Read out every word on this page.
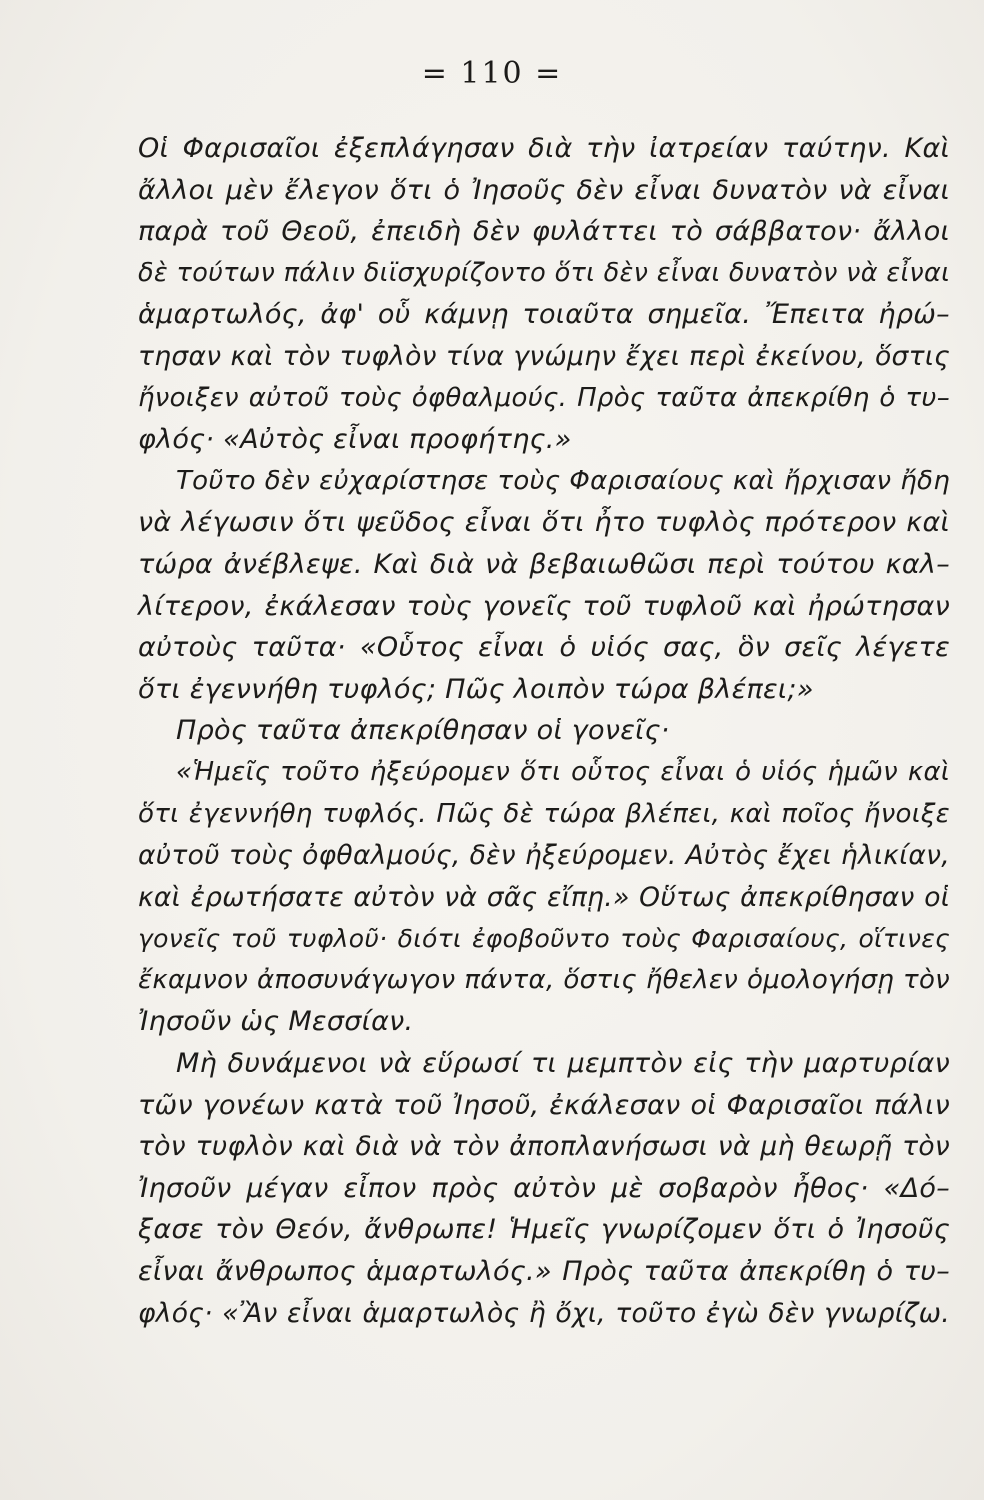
= 110 =
Οἱ Φαρισαῖοι ἐξεπλάγησαν διὰ τὴν ἰατρείαν ταύτην. Καὶ
ἄλλοι μὲν ἔλεγον ὅτι ὁ Ἰησοῦς δὲν εἶναι δυνατὸν νὰ εἶναι
παρὰ τοῦ Θεοῦ, ἐπειδὴ δὲν φυλάττει τὸ σάββατον· ἄλλοι
δὲ τούτων πάλιν διϊσχυρίζοντο ὅτι δὲν εἶναι δυνατὸν νὰ εἶναι
ἁμαρτωλός, ἀφ' οὗ κάμνῃ τοιαῦτα σημεῖα. Ἔπειτα ἠρώ–
τησαν καὶ τὸν τυφλὸν τίνα γνώμην ἔχει περὶ ἐκείνου, ὅστις
ἤνοιξεν αὐτοῦ τοὺς ὀφθαλμούς. Πρὸς ταῦτα ἀπεκρίθη ὁ τυ–
φλός· «Αὐτὸς εἶναι προφήτης.»
Τοῦτο δὲν εὐχαρίστησε τοὺς Φαρισαίους καὶ ἤρχισαν ἤδη
νὰ λέγωσιν ὅτι ψεῦδος εἶναι ὅτι ἦτο τυφλὸς πρότερον καὶ
τώρα ἀνέβλεψε. Καὶ διὰ νὰ βεβαιωθῶσι περὶ τούτου καλ–
λίτερον, ἐκάλεσαν τοὺς γονεῖς τοῦ τυφλοῦ καὶ ἠρώτησαν
αὐτοὺς ταῦτα· «Οὗτος εἶναι ὁ υἱός σας, ὃν σεῖς λέγετε
ὅτι ἐγεννήθη τυφλός; Πῶς λοιπὸν τώρα βλέπει;»
Πρὸς ταῦτα ἀπεκρίθησαν οἱ γονεῖς·
«Ἡμεῖς τοῦτο ἠξεύρομεν ὅτι οὗτος εἶναι ὁ υἱός ἡμῶν καὶ
ὅτι ἐγεννήθη τυφλός. Πῶς δὲ τώρα βλέπει, καὶ ποῖος ἤνοιξε
αὐτοῦ τοὺς ὀφθαλμούς, δὲν ἠξεύρομεν. Αὐτὸς ἔχει ἡλικίαν,
καὶ ἐρωτήσατε αὐτὸν νὰ σᾶς εἴπῃ.» Οὕτως ἀπεκρίθησαν οἱ
γονεῖς τοῦ τυφλοῦ· διότι ἐφοβοῦντο τοὺς Φαρισαίους, οἵτινες
ἔκαμνον ἀποσυνάγωγον πάντα, ὅστις ἤθελεν ὁμολογήσῃ τὸν
Ἰησοῦν ὡς Μεσσίαν.
Μὴ δυνάμενοι νὰ εὕρωσί τι μεμπτὸν εἰς τὴν μαρτυρίαν
τῶν γονέων κατὰ τοῦ Ἰησοῦ, ἐκάλεσαν οἱ Φαρισαῖοι πάλιν
τὸν τυφλὸν καὶ διὰ νὰ τὸν ἀποπλανήσωσι νὰ μὴ θεωρῇ τὸν
Ἰησοῦν μέγαν εἶπον πρὸς αὐτὸν μὲ σοβαρὸν ἦθος· «Δό–
ξασε τὸν Θεόν, ἄνθρωπε! Ἡμεῖς γνωρίζομεν ὅτι ὁ Ἰησοῦς
εἶναι ἄνθρωπος ἁμαρτωλός.» Πρὸς ταῦτα ἀπεκρίθη ὁ τυ–
φλός· «Ἂν εἶναι ἁμαρτωλὸς ἢ ὄχι, τοῦτο ἐγὼ δὲν γνωρίζω.
